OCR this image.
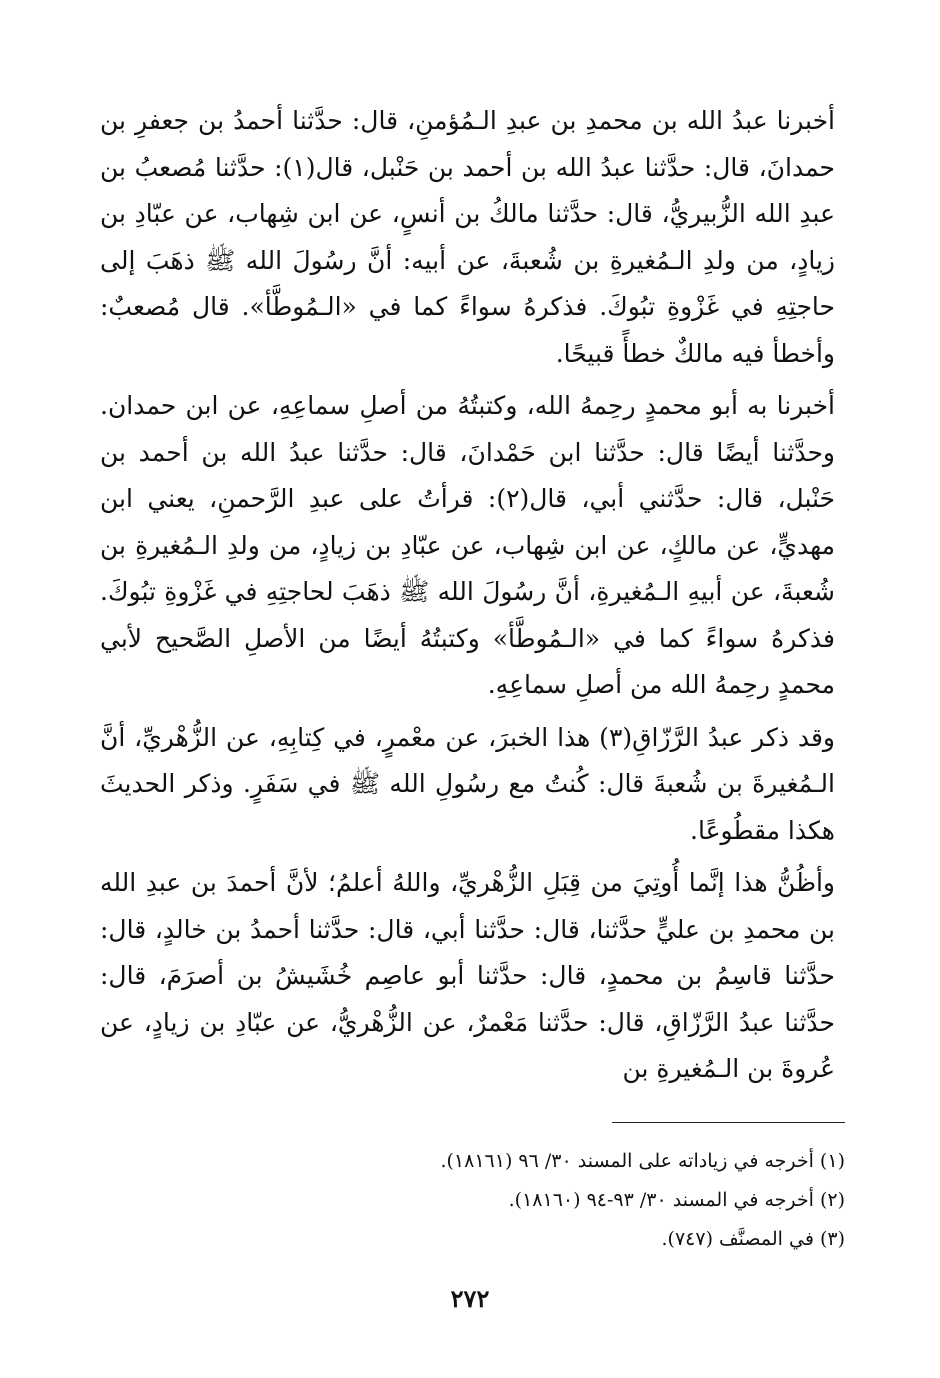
أخبرنا عبدُ الله بن محمدِ بن عبدِ الـمُؤمنِ، قال: حدَّثنا أحمدُ بن جعفرِ بن حمدانَ، قال: حدَّثنا عبدُ الله بن أحمد بن حَنْبل، قال(١): حدَّثنا مُصعبُ بن عبدِ الله الزُّبيريُّ، قال: حدَّثنا مالكُ بن أنسٍ، عن ابن شِهاب، عن عبّادِ بن زيادٍ، من ولدِ الـمُغيرةِ بن شُعبةَ، عن أبيه: أنَّ رسُولَ الله ﷺ ذهَبَ إلى حاجتِهِ في غَزْوةِ تبُوكَ. فذكرهُ سواءً كما في «الـمُوطَّأ». قال مُصعبٌ: وأخطأ فيه مالكٌ خطأً قبيحًا.

أخبرنا به أبو محمدٍ رحِمهُ الله، وكتبتُهُ من أصلِ سماعِهِ، عن ابن حمدان. وحدَّثنا أيضًا قال: حدَّثنا ابن حَمْدانَ، قال: حدَّثنا عبدُ الله بن أحمد بن حَنْبل، قال: حدَّثني أبي، قال(٢): قرأتُ على عبدِ الرَّحمنِ، يعني ابن مهديٍّ، عن مالكٍ، عن ابن شِهاب، عن عبّادِ بن زيادٍ، من ولدِ الـمُغيرةِ بن شُعبةَ، عن أبيهِ الـمُغيرةِ، أنَّ رسُولَ الله ﷺ ذهَبَ لحاجتِهِ في غَزْوةِ تبُوكَ. فذكرهُ سواءً كما في «الـمُوطَّأ» وكتبتُهُ أيضًا من الأصلِ الصَّحيح لأبي محمدٍ رحِمهُ الله من أصلِ سماعِهِ.

وقد ذكر عبدُ الرَّزّاقِ(٣) هذا الخبرَ، عن معْمرٍ، في كِتابِهِ، عن الزُّهْريِّ، أنَّ الـمُغيرةَ بن شُعبةَ قال: كُنتُ مع رسُولِ الله ﷺ في سَفَرٍ. وذكر الحديثَ هكذا مقطُوعًا.

وأظُنُّ هذا إنَّما أُوتِيَ من قِبَلِ الزُّهْريِّ، واللهُ أعلمُ؛ لأنَّ أحمدَ بن عبدِ الله بن محمدِ بن عليٍّ حدَّثنا، قال: حدَّثنا أبي، قال: حدَّثنا أحمدُ بن خالدٍ، قال: حدَّثنا قاسِمُ بن محمدٍ، قال: حدَّثنا أبو عاصِم خُشَيشُ بن أصرَمَ، قال: حدَّثنا عبدُ الرَّزّاقِ، قال: حدَّثنا مَعْمرٌ، عن الزُّهْريُّ، عن عبّادِ بن زيادٍ، عن عُروةَ بن الـمُغيرةِ بن

(١) أخرجه في زياداته على المسند ٣٠/ ٩٦ (١٨١٦١).

(٢) أخرجه في المسند ٣٠/ ٩٣-٩٤ (١٨١٦٠).

(٣) في المصنَّف (٧٤٧).

٢٧٢
